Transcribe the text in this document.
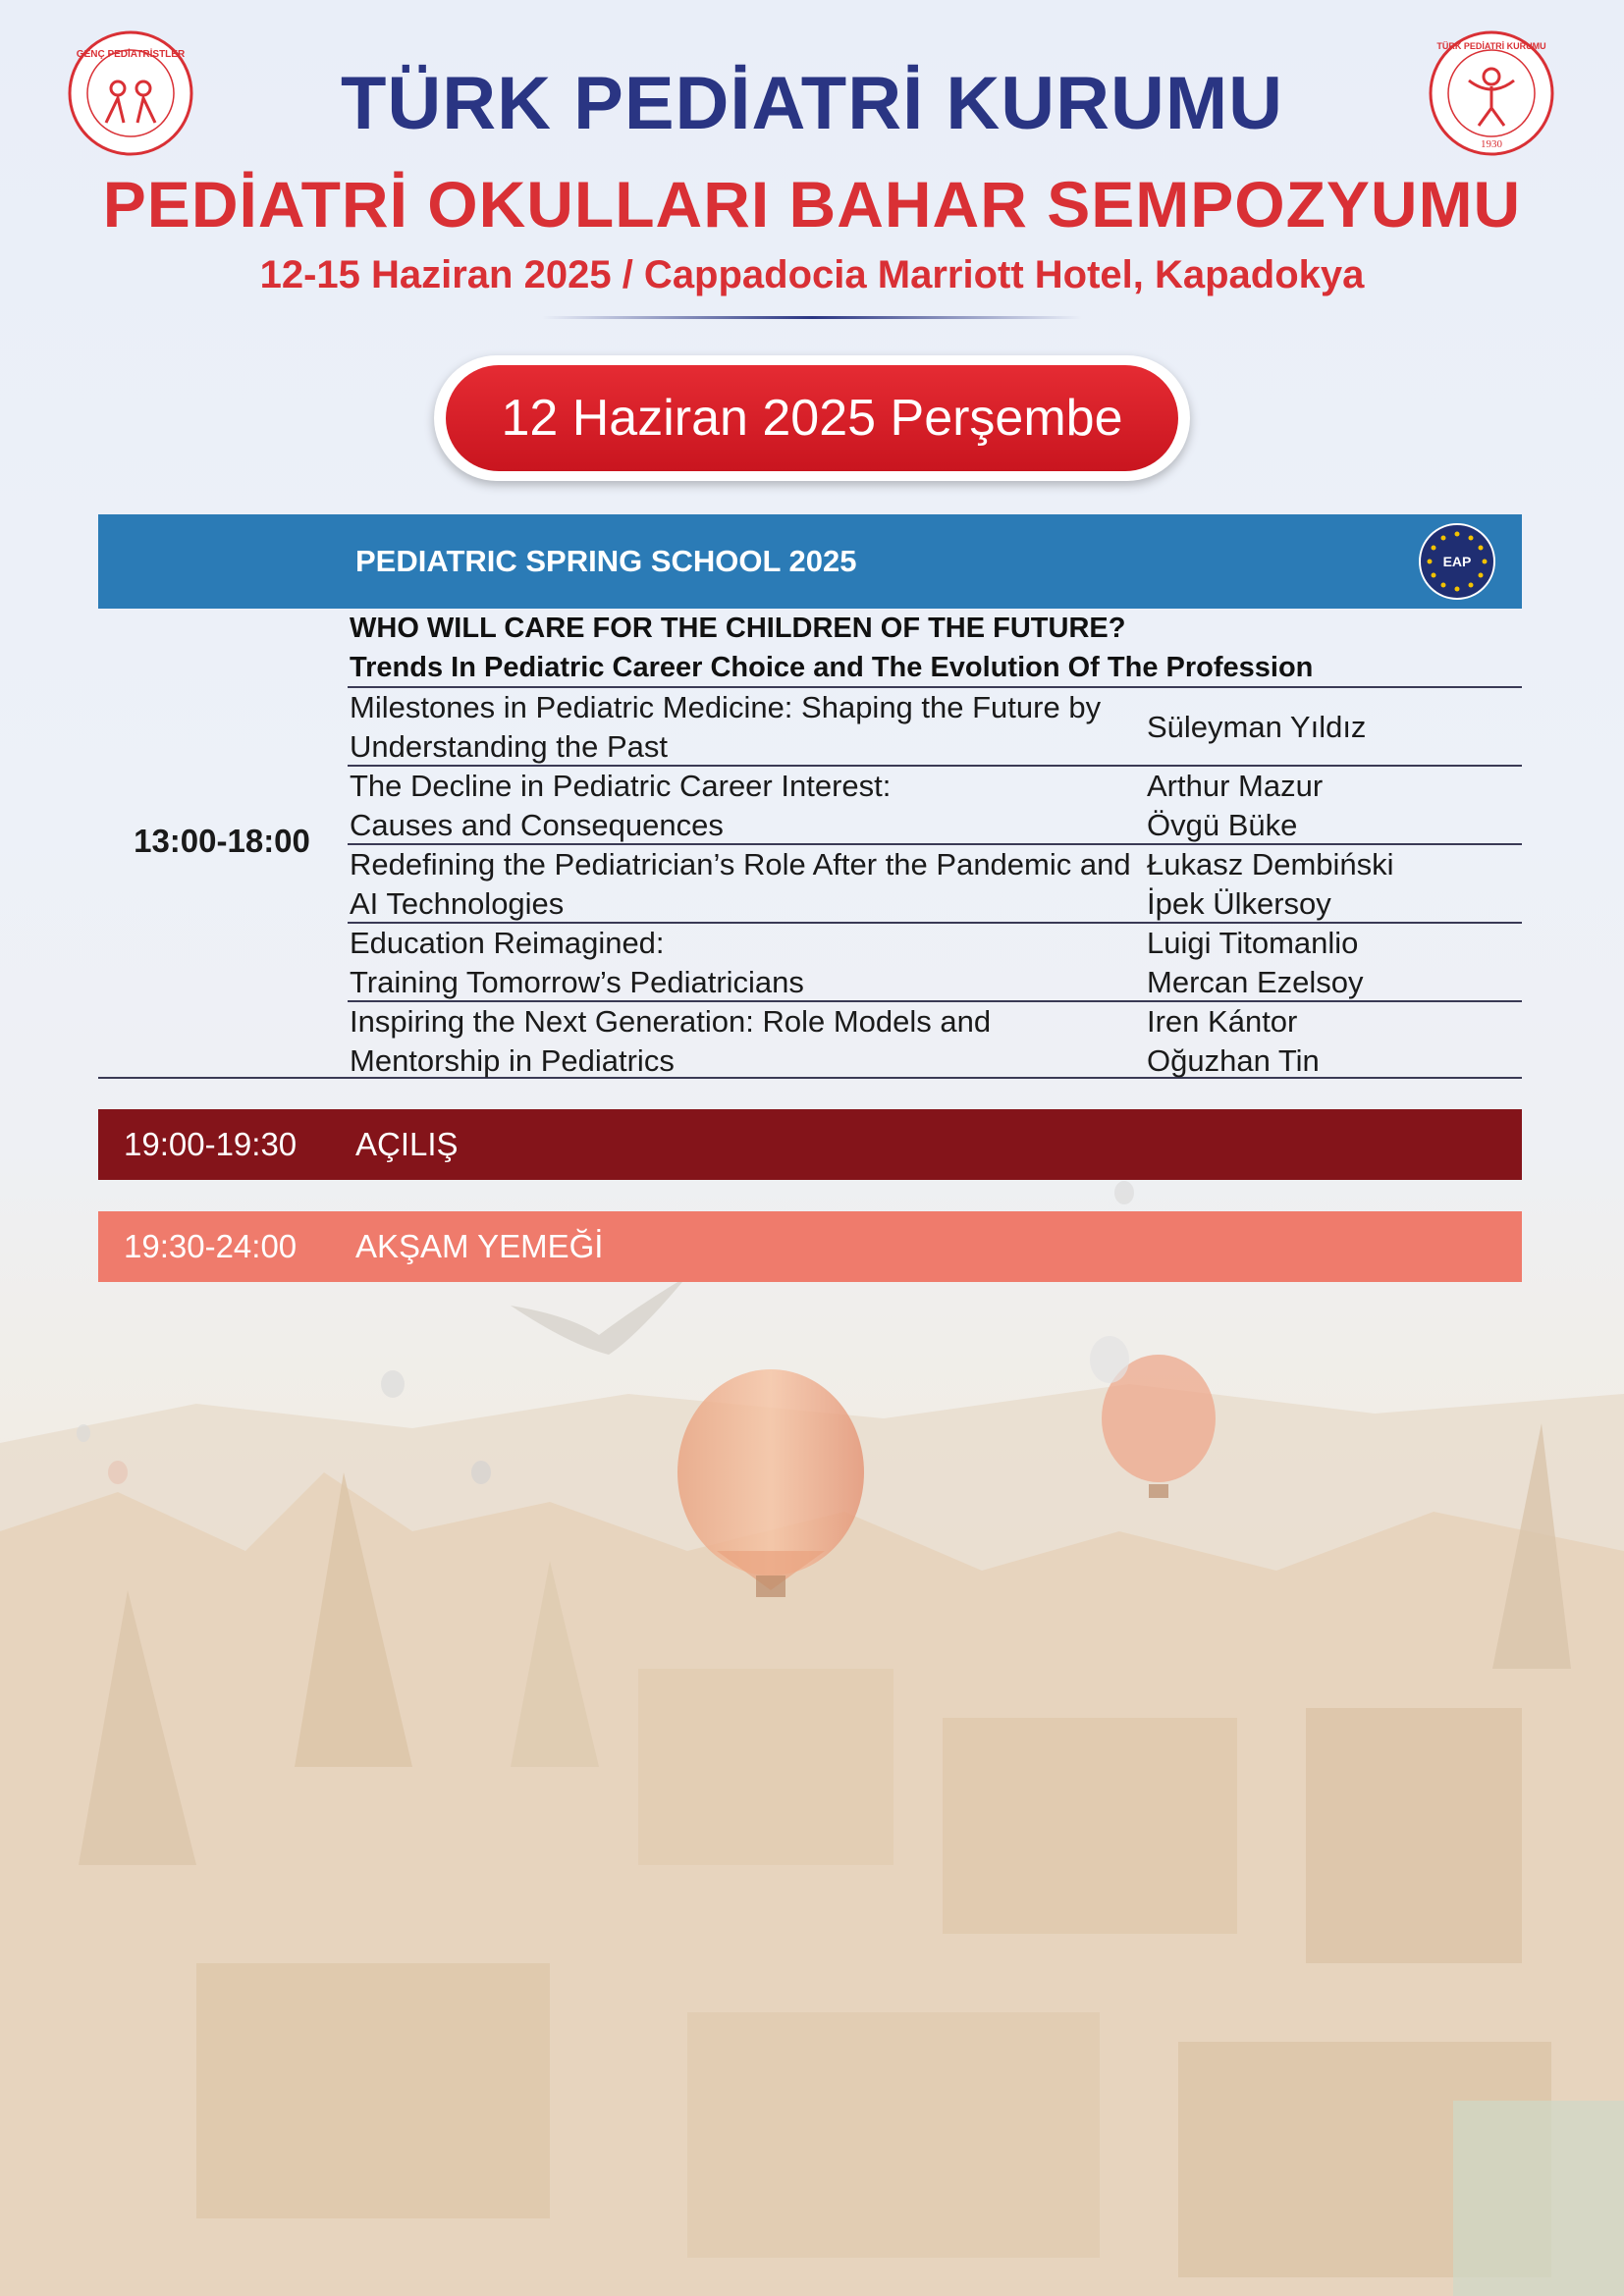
GENÇ PEDİATRİSTLER
TÜRK PEDİATRİ KURUMU
1930
TÜRK PEDİATRİ KURUMU
PEDİATRİ OKULLARI BAHAR SEMPOZYUMU
12-15 Haziran 2025 / Cappadocia Marriott Hotel, Kapadokya
12 Haziran 2025 Perşembe
PEDIATRIC SPRING SCHOOL 2025	EAP
13:00-18:00
WHO WILL CARE FOR THE CHILDREN OF THE FUTURE?
Trends In Pediatric Career Choice and The Evolution Of The Profession
Milestones in Pediatric Medicine: Shaping the Future by
Understanding the Past
Süleyman Yıldız
The Decline in Pediatric Career Interest:
Causes and Consequences
Arthur Mazur
Övgü Büke
Redefining the Pediatrician’s Role After the Pandemic and
AI Technologies
Łukasz Dembiński
İpek Ülkersoy
Education Reimagined:
Training Tomorrow’s Pediatricians
Luigi Titomanlio
Mercan Ezelsoy
Inspiring the Next Generation: Role Models and
Mentorship in Pediatrics
Iren Kántor
Oğuzhan Tin
19:00-19:30 AÇILIŞ
19:30-24:00 AKŞAM YEMEĞİ
